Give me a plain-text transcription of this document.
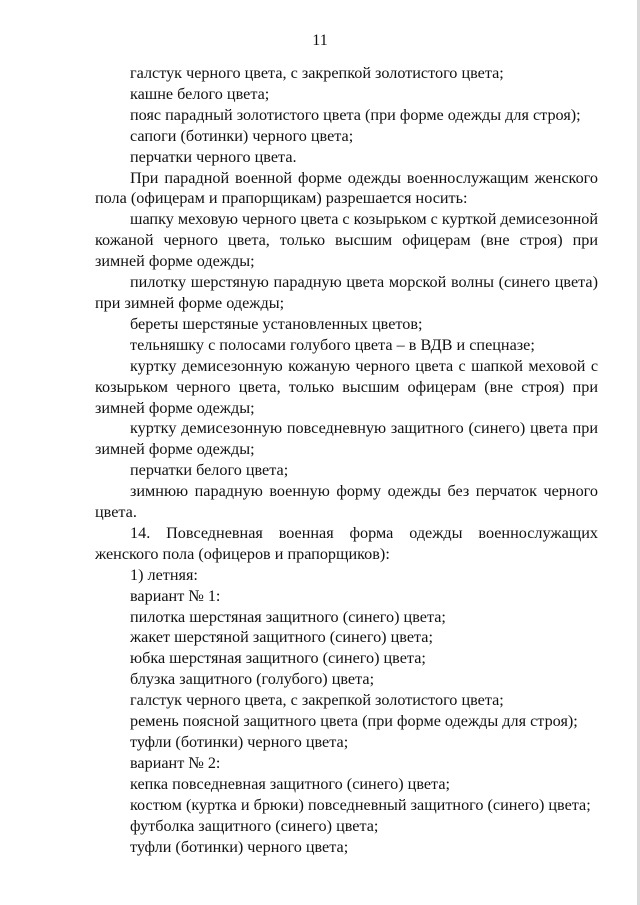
11

галстук черного цвета, с закрепкой золотистого цвета;

кашне белого цвета;

пояс парадный золотистого цвета (при форме одежды для строя);

сапоги (ботинки) черного цвета;

перчатки черного цвета.

При парадной военной форме одежды военнослужащим женского пола (офицерам и прапорщикам) разрешается носить:

шапку меховую черного цвета с козырьком с курткой демисезонной кожаной черного цвета, только высшим офицерам (вне строя) при зимней форме одежды;

пилотку шерстяную парадную цвета морской волны (синего цвета) при зимней форме одежды;

береты шерстяные установленных цветов;

тельняшку с полосами голубого цвета – в ВДВ и спецназе;

куртку демисезонную кожаную черного цвета с шапкой меховой с козырьком черного цвета, только высшим офицерам (вне строя) при зимней форме одежды;

куртку демисезонную повседневную защитного (синего) цвета при зимней форме одежды;

перчатки белого цвета;

зимнюю парадную военную форму одежды без перчаток черного цвета.

14. Повседневная военная форма одежды военнослужащих женского пола (офицеров и прапорщиков):

1) летняя:

вариант № 1:

пилотка шерстяная защитного (синего) цвета;

жакет шерстяной защитного (синего) цвета;

юбка шерстяная защитного (синего) цвета;

блузка защитного (голубого) цвета;

галстук черного цвета, с закрепкой золотистого цвета;

ремень поясной защитного цвета (при форме одежды для строя);

туфли (ботинки) черного цвета;

вариант № 2:

кепка повседневная защитного (синего) цвета;

костюм (куртка и брюки) повседневный защитного (синего) цвета;

футболка защитного (синего) цвета;

туфли (ботинки) черного цвета;
